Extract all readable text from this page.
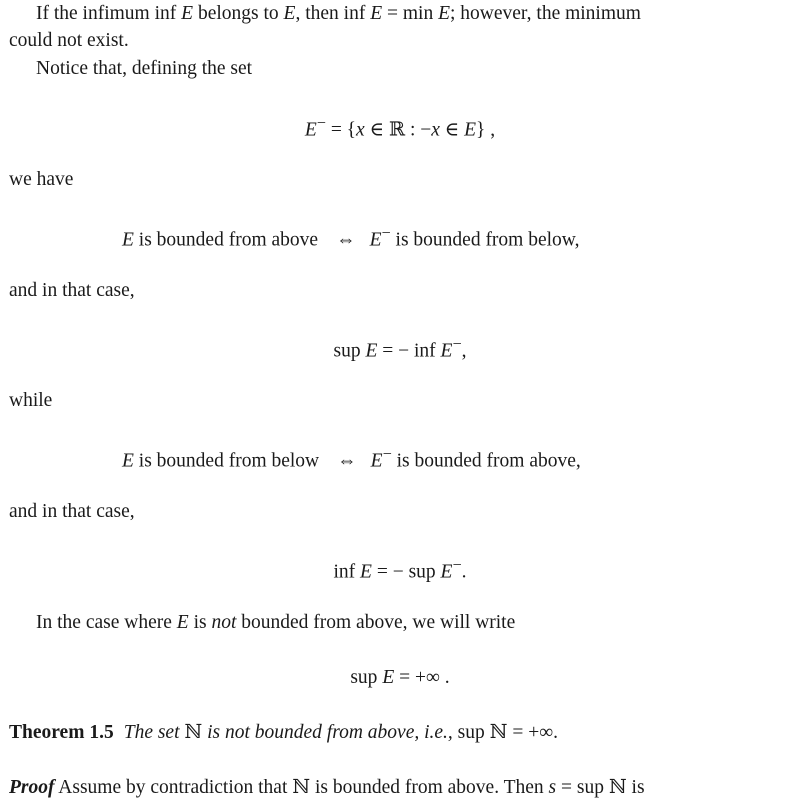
If the infimum inf E belongs to E, then inf E = min E; however, the minimum
could not exist.
Notice that, defining the set
E− = {x ∈ ℝ : −x ∈ E} ,
we have
E is bounded from above ⇔ E− is bounded from below,
and in that case,
sup E = − inf E−,
while
E is bounded from below ⇔ E− is bounded from above,
and in that case,
inf E = − sup E−.
In the case where E is not bounded from above, we will write
sup E = +∞ .
Theorem 1.5 The set ℕ is not bounded from above, i.e., sup ℕ = +∞.
Proof Assume by contradiction that ℕ is bounded from above. Then s = sup ℕ is
